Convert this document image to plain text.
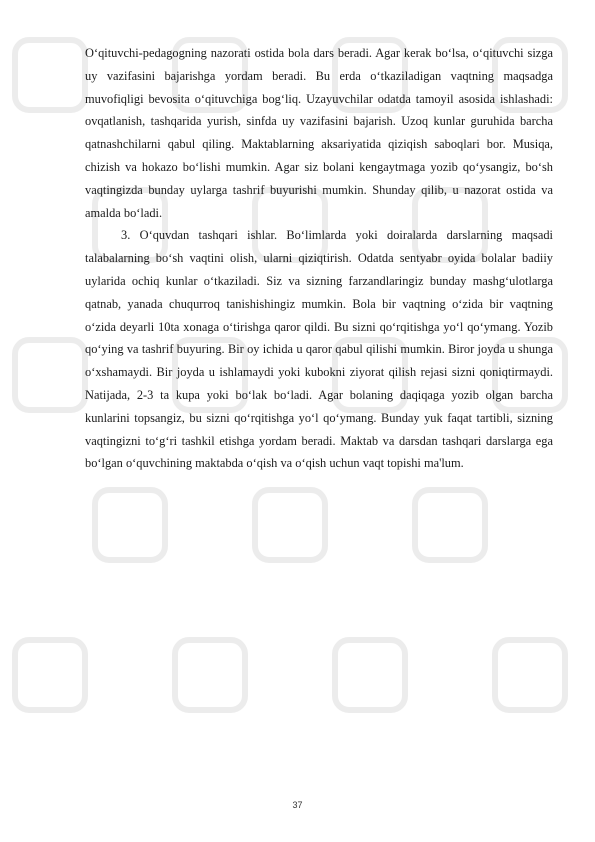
O‘qituvchi-pedagogning nazorati ostida bola dars beradi. Agar kerak bo‘lsa, o‘qituvchi sizga uy vazifasini bajarishga yordam beradi. Bu erda o‘tkaziladigan vaqtning maqsadga muvofiqligi bevosita o‘qituvchiga bog‘liq. Uzayuvchilar odatda tamoyil asosida ishlashadi: ovqatlanish, tashqarida yurish, sinfda uy vazifasini bajarish. Uzoq kunlar guruhida barcha qatnashchilarni qabul qiling. Maktablarning aksariyatida qiziqish saboqlari bor. Musiqa, chizish va hokazo bo‘lishi mumkin. Agar siz bolani kengaytmaga yozib qo‘ysangiz, bo‘sh vaqtingizda bunday uylarga tashrif buyurishi mumkin. Shunday qilib, u nazorat ostida va amalda bo‘ladi.

3. O‘quvdan tashqari ishlar. Bo‘limlarda yoki doiralarda darslarning maqsadi talabalarning bo‘sh vaqtini olish, ularni qiziqtirish. Odatda sentyabr oyida bolalar badiiy uylarida ochiq kunlar o‘tkaziladi. Siz va sizning farzandlaringiz bunday mashg‘ulotlarga qatnab, yanada chuqurroq tanishishingiz mumkin. Bola bir vaqtning o‘zida bir vaqtning o‘zida deyarli 10ta xonaga o‘tirishga qaror qildi. Bu sizni qo‘rqitishga yo‘l qo‘ymang. Yozib qo‘ying va tashrif buyuring. Bir oy ichida u qaror qabul qilishi mumkin. Biror joyda u shunga o‘xshamaydi. Bir joyda u ishlamaydi yoki kubokni ziyorat qilish rejasi sizni qoniqtirmaydi. Natijada, 2-3 ta kupa yoki bo‘lak bo‘ladi. Agar bolaning daqiqaga yozib olgan barcha kunlarini topsangiz, bu sizni qo‘rqitishga yo‘l qo‘ymang. Bunday yuk faqat tartibli, sizning vaqtingizni to‘g‘ri tashkil etishga yordam beradi. Maktab va darsdan tashqari darslarga ega bo‘lgan o‘quvchining maktabda o‘qish va o‘qish uchun vaqt topishi ma'lum.

37
